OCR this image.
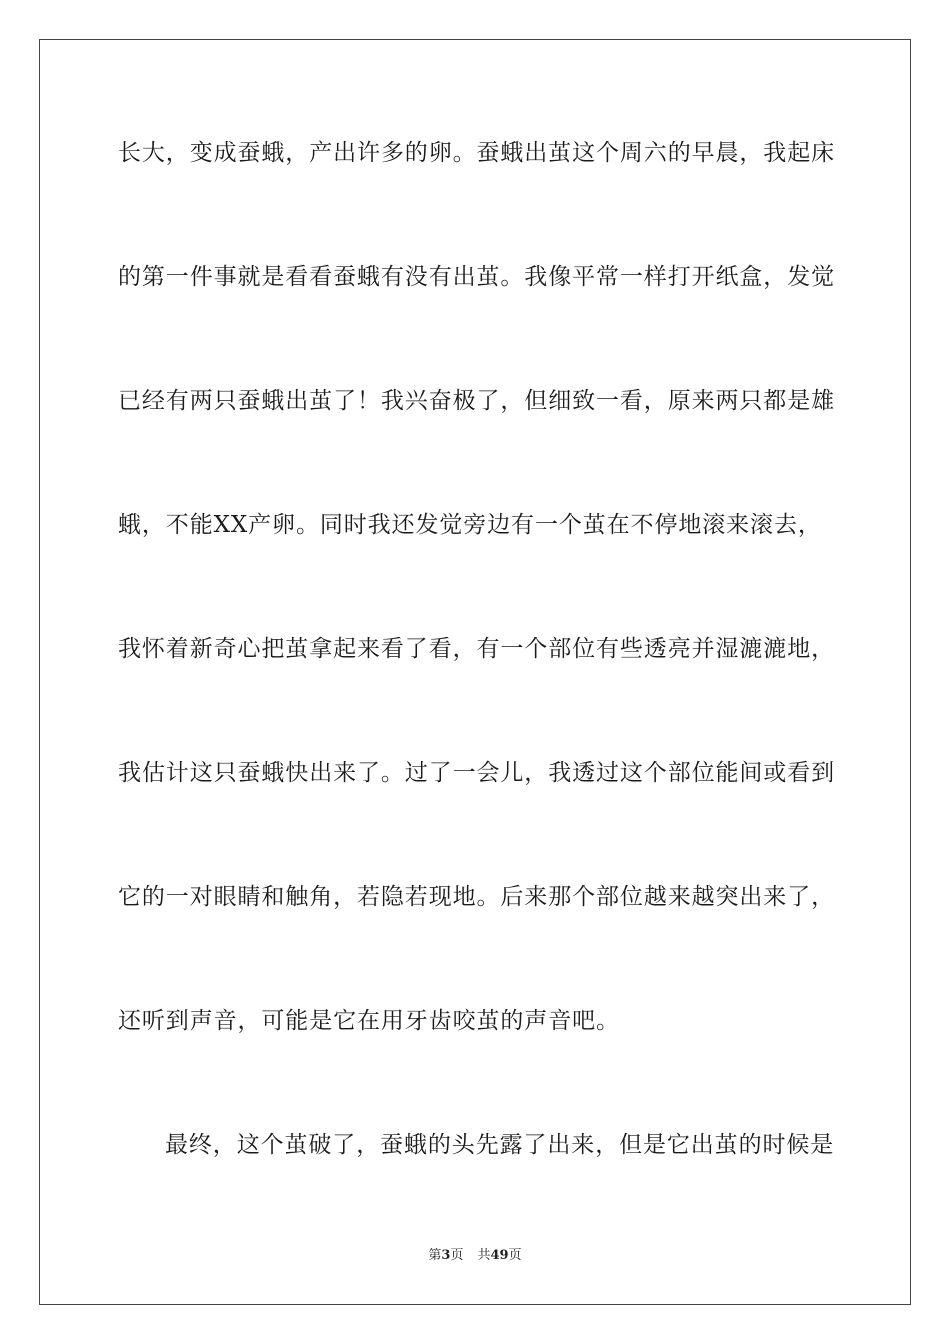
长大，变成蚕蛾，产出许多的卵。蚕蛾出茧这个周六的早晨，我起床
的第一件事就是看看蚕蛾有没有出茧。我像平常一样打开纸盒，发觉
已经有两只蚕蛾出茧了！我兴奋极了，但细致一看，原来两只都是雄
蛾，不能XX产卵。同时我还发觉旁边有一个茧在不停地滚来滚去，
我怀着新奇心把茧拿起来看了看，有一个部位有些透亮并湿漉漉地，
我估计这只蚕蛾快出来了。过了一会儿，我透过这个部位能间或看到
它的一对眼睛和触角，若隐若现地。后来那个部位越来越突出来了，
还听到声音，可能是它在用牙齿咬茧的声音吧。
最终，这个茧破了，蚕蛾的头先露了出来，但是它出茧的时候是
第3页 共49页
